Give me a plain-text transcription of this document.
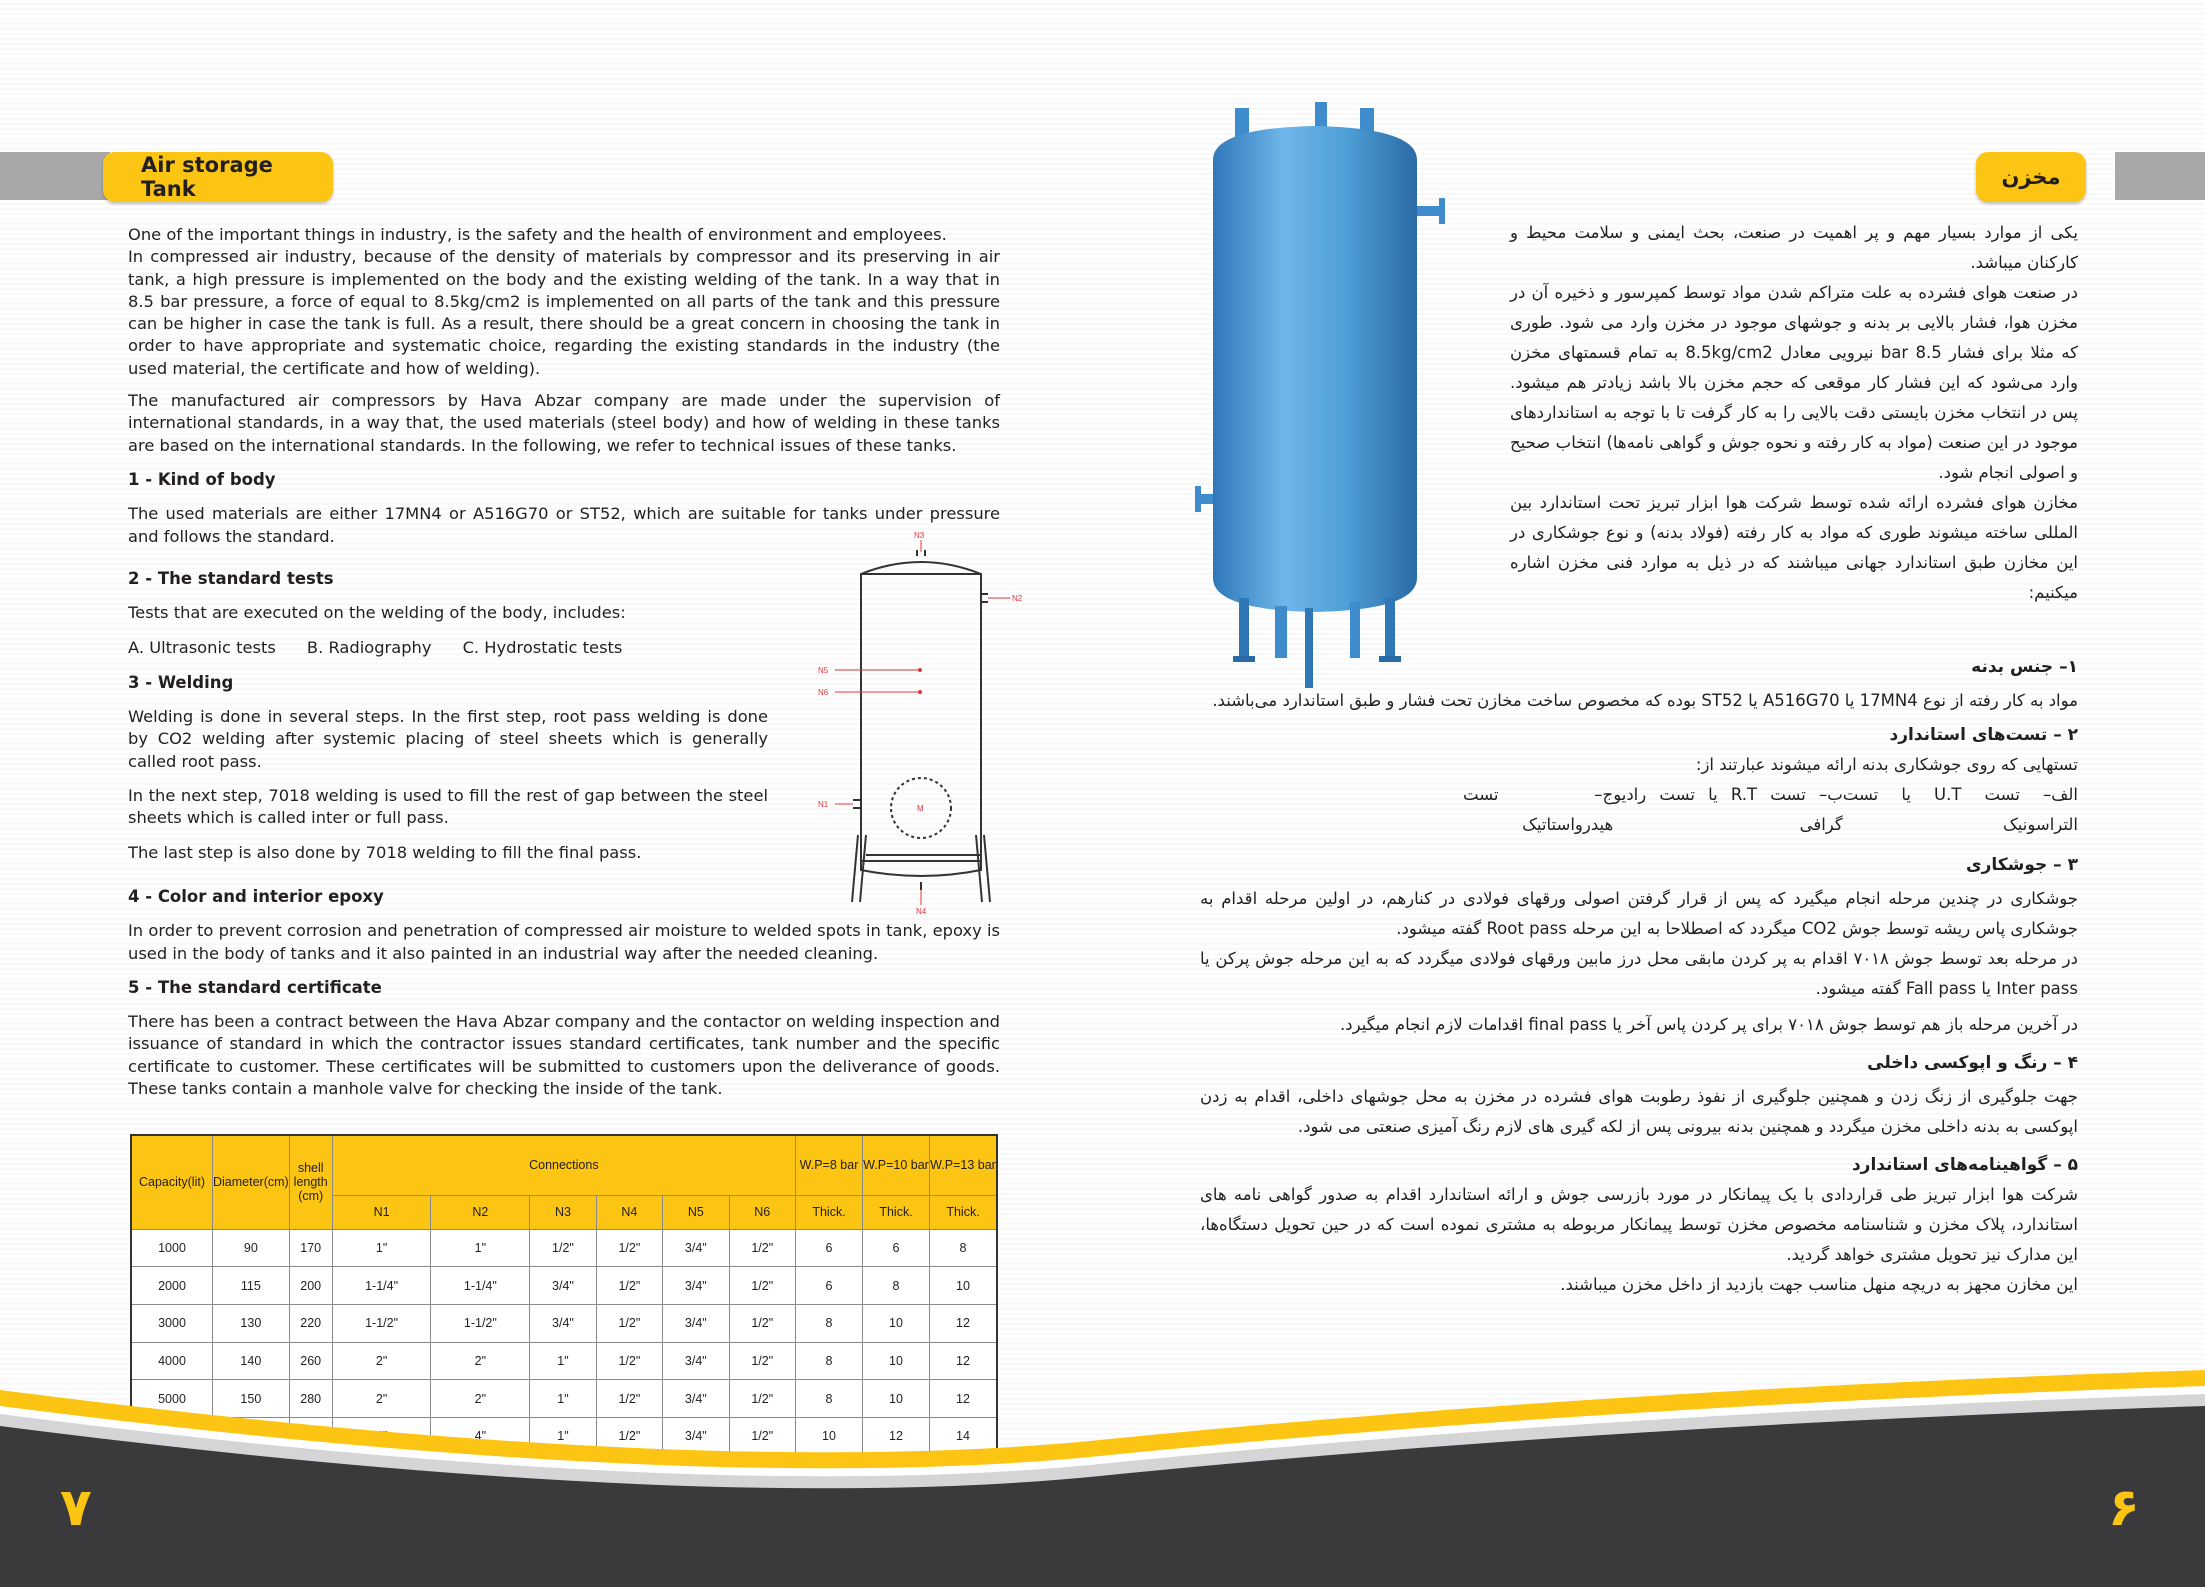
Air storage Tank	مخزن

One of the important things in industry, is the safety and the health of environment and employees.

In compressed air industry, because of the density of materials by compressor and its preserving in air tank, a high pressure is implemented on the body and the existing welding of the tank. In a way that in 8.5 bar pressure, a force of equal to 8.5kg/cm2 is implemented on all parts of the tank and this pressure can be higher in case the tank is full. As a result, there should be a great concern in choosing the tank in order to have appropriate and systematic choice, regarding the existing standards in the industry (the used material, the certificate and how of welding).

The manufactured air compressors by Hava Abzar company are made under the supervision of international standards, in a way that, the used materials (steel body) and how of welding in these tanks are based on the international standards. In the following, we refer to technical issues of these tanks.

1 - Kind of body

The used materials are either 17MN4 or A516G70 or ST52, which are suitable for tanks under pressure and follows the standard.

2 - The standard tests

Tests that are executed on the welding of the body, includes:

A. Ultrasonic tests B. Radiography C. Hydrostatic tests

3 - Welding

Welding is done in several steps. In the first step, root pass welding is done by CO2 welding after systemic placing of steel sheets which is generally called root pass.

In the next step, 7018 welding is used to fill the rest of gap between the steel sheets which is called inter or full pass.

The last step is also done by 7018 welding to fill the final pass.

4 - Color and interior epoxy

In order to prevent corrosion and penetration of compressed air moisture to welded spots in tank, epoxy is used in the body of tanks and it also painted in an industrial way after the needed cleaning.

5 - The standard certificate

There has been a contract between the Hava Abzar company and the contactor on welding inspection and issuance of standard in which the contractor issues standard certificates, tank number and the specific certificate to customer. These certificates will be submitted to customers upon the deliverance of goods. These tanks contain a manhole valve for checking the inside of the tank.

N3
N2
N5
N6
M
N1
N4
Capacity(lit)	Diameter(cm)	shell length (cm)	Connections						W.P=8 bar	W.P=10 bar	W.P=13 bar
			N1	N2	N3	N4	N5	N6	Thick.	Thick.	Thick.
1000	90	170	1"	1"	1/2"	1/2"	3/4"	1/2"	6	6	8
2000	115	200	1-1/4"	1-1/4"	3/4"	1/2"	3/4"	1/2"	6	8	10
3000	130	220	1-1/2"	1-1/2"	3/4"	1/2"	3/4"	1/2"	8	10	12
4000	140	260	2"	2"	1"	1/2"	3/4"	1/2"	8	10	12
5000	150	280	2"	2"	1"	1/2"	3/4"	1/2"	8	10	12
				4"	1"	1/2"	3/4"	1/2"	10	12	14

یکی از موارد بسیار مهم و پر اهمیت در صنعت، بحث ایمنی و سلامت محیط و کارکنان میباشد.

در صنعت هوای فشرده به علت متراکم شدن مواد توسط کمپرسور و ذخیره آن در مخزن هوا، فشار بالایی بر بدنه و جوشهای موجود در مخزن وارد می شود. طوری که مثلا برای فشار 8.5 bar نیرویی معادل 8.5kg/cm2 به تمام قسمتهای مخزن وارد می‌شود که این فشار کار موقعی که حجم مخزن بالا باشد زیادتر هم میشود. پس در انتخاب مخزن بایستی دقت بالایی را به کار گرفت تا با توجه به استانداردهای موجود در این صنعت (مواد به کار رفته و نحوه جوش و گواهی نامه‌ها) انتخاب صحیح و اصولی انجام شود.

مخازن هوای فشرده ارائه شده توسط شرکت هوا ابزار تبریز تحت استاندارد بین المللی ساخته میشوند طوری که مواد به کار رفته (فولاد بدنه) و نوع جوشکاری در این مخازن طبق استاندارد جهانی میباشند که در ذیل به موارد فنی مخزن اشاره میکنیم:

۱– جنس بدنه

مواد به کار رفته از نوع 17MN4 یا A516G70 یا ST52 بوده که مخصوص ساخت مخازن تحت فشار و طبق استاندارد می‌باشند.

۲ – تست‌های استاندارد

تستهایی که روی جوشکاری بدنه ارائه میشوند عبارتند از:

الف– تست U.T یا تست التراسونیک
ب– تست R.T یا تست رادیو گرافی
ج– تست هیدرواستاتیک

۳ – جوشکاری

جوشکاری در چندین مرحله انجام میگیرد که پس از قرار گرفتن اصولی ورقهای فولادی در کنارهم، در اولین مرحله اقدام به جوشکاری پاس ریشه توسط جوش CO2 میگردد که اصطلاحا به این مرحله Root pass گفته میشود.

در مرحله بعد توسط جوش ۷۰۱۸ اقدام به پر کردن مابقی محل درز مابین ورقهای فولادی میگردد که به این مرحله جوش پرکن یا Inter pass یا Fall pass گفته میشود.

در آخرین مرحله باز هم توسط جوش ۷۰۱۸ برای پر کردن پاس آخر یا final pass اقدامات لازم انجام میگیرد.

۴ – رنگ و اپوکسی داخلی

جهت جلوگیری از زنگ زدن و همچنین جلوگیری از نفوذ رطوبت هوای فشرده در مخزن به محل جوشهای داخلی، اقدام به زدن اپوکسی به بدنه داخلی مخزن میگردد و همچنین بدنه بیرونی پس از لکه گیری های لازم رنگ آمیزی صنعتی می شود.

۵ – گواهینامه‌های استاندارد

شرکت هوا ابزار تبریز طی قراردادی با یک پیمانکار در مورد بازرسی جوش و ارائه استاندارد اقدام به صدور گواهی نامه های استاندارد، پلاک مخزن و شناسنامه مخصوص مخزن توسط پیمانکار مربوطه به مشتری نموده است که در حین تحویل دستگاه‌ها، این مدارک نیز تحویل مشتری خواهد گردید.

این مخازن مجهز به دریچه منهل مناسب جهت بازدید از داخل مخزن میباشند.

۷	۶
